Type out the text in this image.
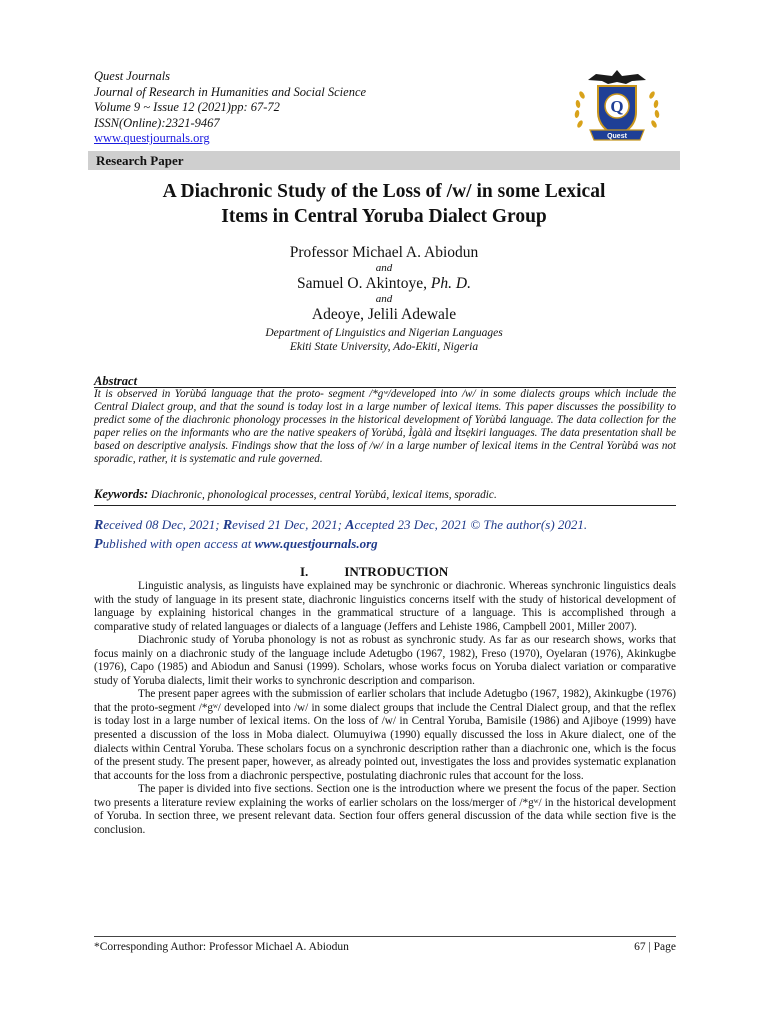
Quest Journals
Journal of Research in Humanities and Social Science
Volume 9 ~ Issue 12 (2021)pp: 67-72
ISSN(Online):2321-9467
www.questjournals.org
Q
Quest
Research Paper
A Diachronic Study of the Loss of /w/ in some Lexical
Items in Central Yoruba Dialect Group
Professor Michael A. Abiodun
and
Samuel O. Akintoye, Ph. D.
and
Adeoye, Jelili Adewale
Department of Linguistics and Nigerian Languages
Ekiti State University, Ado-Ekiti, Nigeria
Abstract
It is observed in Yorùbá language that the proto- segment /*gʷ/developed into /w/ in some dialects groups which include the Central Dialect group, and that the sound is today lost in a large number of lexical items. This paper discusses the possibility to predict some of the diachronic phonology processes in the historical development of Yorùbá language. The data collection for the paper relies on the informants who are the native speakers of Yorùbá, Ìgàlà and Ìtsẹkiri languages. The data presentation shall be based on descriptive analysis. Findings show that the loss of /w/ in a large number of lexical items in the Central Yorùbá was not sporadic, rather, it is systematic and rule governed.
Keywords: Diachronic, phonological processes, central Yorùbá, lexical items, sporadic.
Received 08 Dec, 2021; Revised 21 Dec, 2021; Accepted 23 Dec, 2021 © The author(s) 2021.
Published with open access at www.questjournals.org
I.	INTRODUCTION

Linguistic analysis, as linguists have explained may be synchronic or diachronic. Whereas synchronic linguistics deals with the study of language in its present state, diachronic linguistics concerns itself with the study of historical development of language by explaining historical changes in the grammatical structure of a language. This is accomplished through a comparative study of related languages or dialects of a language (Jeffers and Lehiste 1986, Campbell 2001, Miller 2007).

Diachronic study of Yoruba phonology is not as robust as synchronic study. As far as our research shows, works that focus mainly on a diachronic study of the language include Adetugbo (1967, 1982), Freso (1970), Oyelaran (1976), Akinkugbe (1976), Capo (1985) and Abiodun and Sanusi (1999). Scholars, whose works focus on Yoruba dialect variation or comparative study of Yoruba dialects, limit their works to synchronic description and comparison.

The present paper agrees with the submission of earlier scholars that include Adetugbo (1967, 1982), Akinkugbe (1976) that the proto-segment /*gʷ/ developed into /w/ in some dialect groups that include the Central Dialect group, and that the reflex is today lost in a large number of lexical items. On the loss of /w/ in Central Yoruba, Bamisile (1986) and Ajiboye (1999) have presented a discussion of the loss in Moba dialect. Olumuyiwa (1990) equally discussed the loss in Akure dialect, one of the dialects within Central Yoruba. These scholars focus on a synchronic description rather than a diachronic one, which is the focus of the present study. The present paper, however, as already pointed out, investigates the loss and provides systematic explanation that accounts for the loss from a diachronic perspective, postulating diachronic rules that account for the loss.

The paper is divided into five sections. Section one is the introduction where we present the focus of the paper. Section two presents a literature review explaining the works of earlier scholars on the loss/merger of /*gʷ/ in the historical development of Yoruba. In section three, we present relevant data. Section four offers general discussion of the data while section five is the conclusion.

*Corresponding Author: Professor Michael A. Abiodun	67 | Page
